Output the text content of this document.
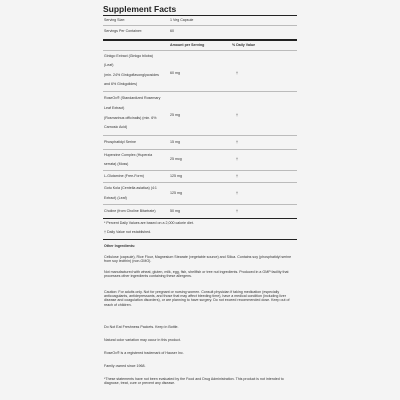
Supplement Facts
Serving Size:	1 Veg Capsule
Servings Per Container:	60
Amount per Serving	% Daily Value
Ginkgo Extract (Ginkgo biloba)
(Leaf)
(min. 24% Ginkgoflavonglycosides
and 6% Ginkgolides)
60 mg	†
RoseOx® (Standardized Rosemary
Leaf Extract)
(Rosmarinus officinalis) (min. 6%
Carnosic Acid)
25 mg	†
Phosphatidyl Serine	15 mg	†
Huperzine Complex (Huperzia
serrata) (Moss)
25 mcg	†
L-Glutamine (Free-Form)	125 mg	†
Gotu Kola (Centella asiatica) (4:1
Extract) (Leaf)
125 mg	†
Choline (from Choline Bitartrate)	50 mg	†
* Percent Daily Values are based on a 2,000 calorie diet.
† Daily Value not established.
Other Ingredients:
Cellulose (capsule), Rice Flour, Magnesium Stearate (vegetable source) and Silica. Contains soy (phosphatidyl serine from soy lecithin) (non-GMO).
Not manufactured with wheat, gluten, milk, egg, fish, shellfish or tree nut ingredients. Produced in a GMP facility that processes other ingredients containing these allergens.
Caution: For adults only. Not for pregnant or nursing women. Consult physician if taking medication (especially anticoagulants, antidepressants, and those that may affect bleeding time), have a medical condition (including liver disease and coagulation disorders), or are planning to have surgery. Do not exceed recommended dose. Keep out of reach of children.
Do Not Eat Freshness Packets. Keep in Bottle.
Natural color variation may occur in this product.
RoseOx® is a registered trademark of Hauser Inc.
Family owned since 1968.
*These statements have not been evaluated by the Food and Drug Administration. This product is not intended to diagnose, treat, cure or prevent any disease.
